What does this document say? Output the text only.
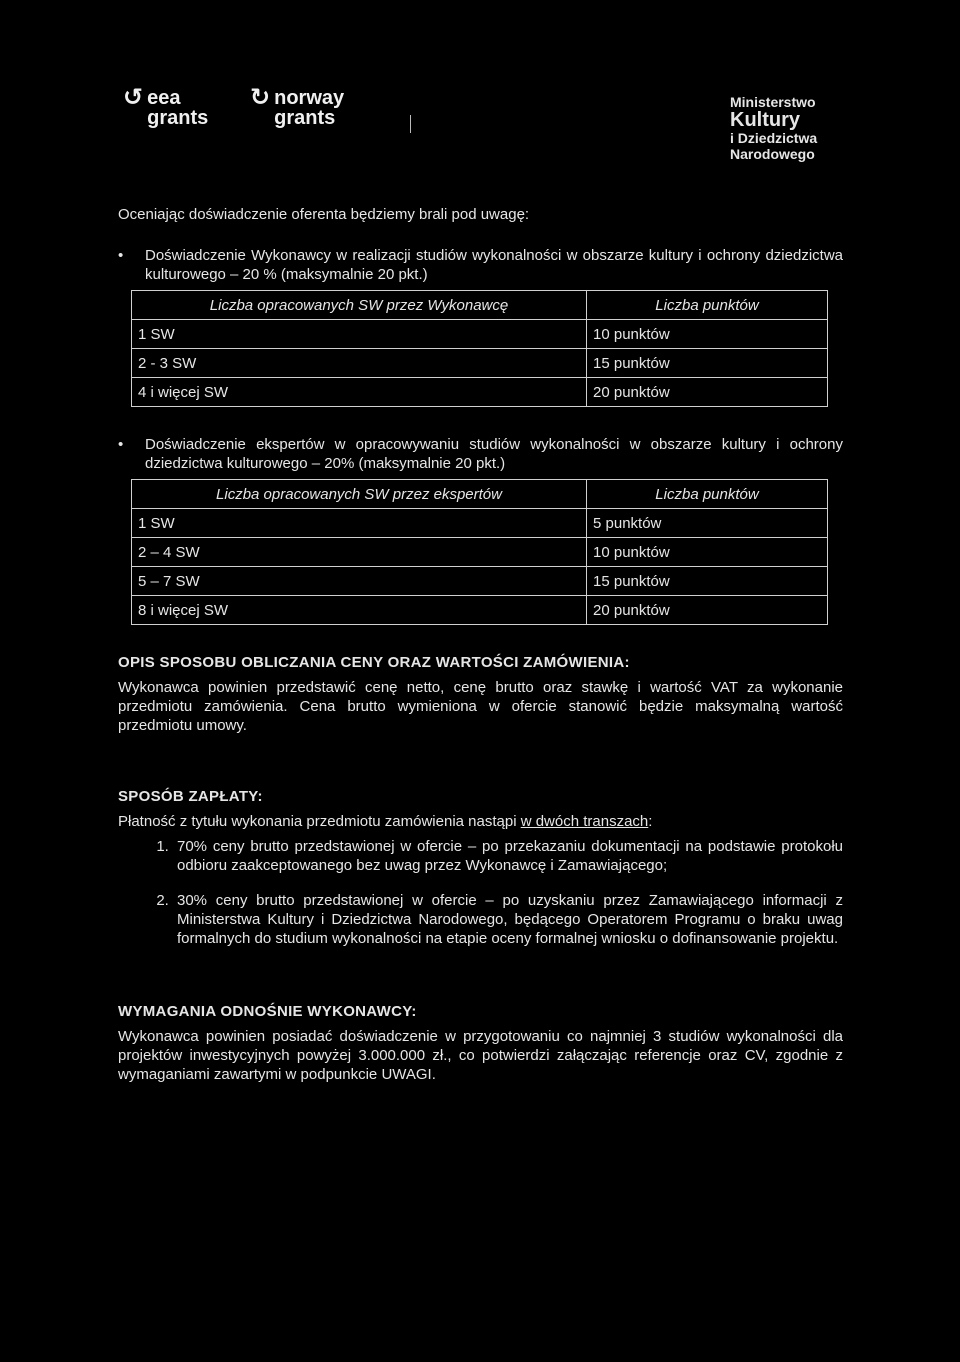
↺ eea
grants
↻ norway
grants
Ministerstwo
Kultury
i Dziedzictwa
Narodowego

Oceniając doświadczenie oferenta będziemy brali pod uwagę:

• Doświadczenie Wykonawcy w realizacji studiów wykonalności w obszarze kultury i ochrony dziedzictwa kulturowego – 20 % (maksymalnie 20 pkt.)

Liczba opracowanych SW przez Wykonawcę	Liczba punktów
1 SW	10 punktów
2 - 3 SW	15 punktów
4 i więcej SW	20 punktów

• Doświadczenie ekspertów w opracowywaniu studiów wykonalności w obszarze kultury i ochrony dziedzictwa kulturowego – 20% (maksymalnie 20 pkt.)

Liczba opracowanych SW przez ekspertów	Liczba punktów
1 SW	5 punktów
2 – 4 SW	10 punktów
5 – 7 SW	15 punktów
8 i więcej SW	20 punktów

OPIS SPOSOBU OBLICZANIA CENY ORAZ WARTOŚCI ZAMÓWIENIA:

Wykonawca powinien przedstawić cenę netto, cenę brutto oraz stawkę i wartość VAT za wykonanie przedmiotu zamówienia. Cena brutto wymieniona w ofercie stanowić będzie maksymalną wartość przedmiotu umowy.

SPOSÓB ZAPŁATY:

Płatność z tytułu wykonania przedmiotu zamówienia nastąpi w dwóch transzach:

1. 70% ceny brutto przedstawionej w ofercie – po przekazaniu dokumentacji na podstawie protokołu odbioru zaakceptowanego bez uwag przez Wykonawcę i Zamawiającego;
2. 30% ceny brutto przedstawionej w ofercie – po uzyskaniu przez Zamawiającego informacji z Ministerstwa Kultury i Dziedzictwa Narodowego, będącego Operatorem Programu o braku uwag formalnych do studium wykonalności na etapie oceny formalnej wniosku o dofinansowanie projektu.

WYMAGANIA ODNOŚNIE WYKONAWCY:

Wykonawca powinien posiadać doświadczenie w przygotowaniu co najmniej 3 studiów wykonalności dla projektów inwestycyjnych powyżej 3.000.000 zł., co potwierdzi załączając referencje oraz CV, zgodnie z wymaganiami zawartymi w podpunkcie UWAGI.
